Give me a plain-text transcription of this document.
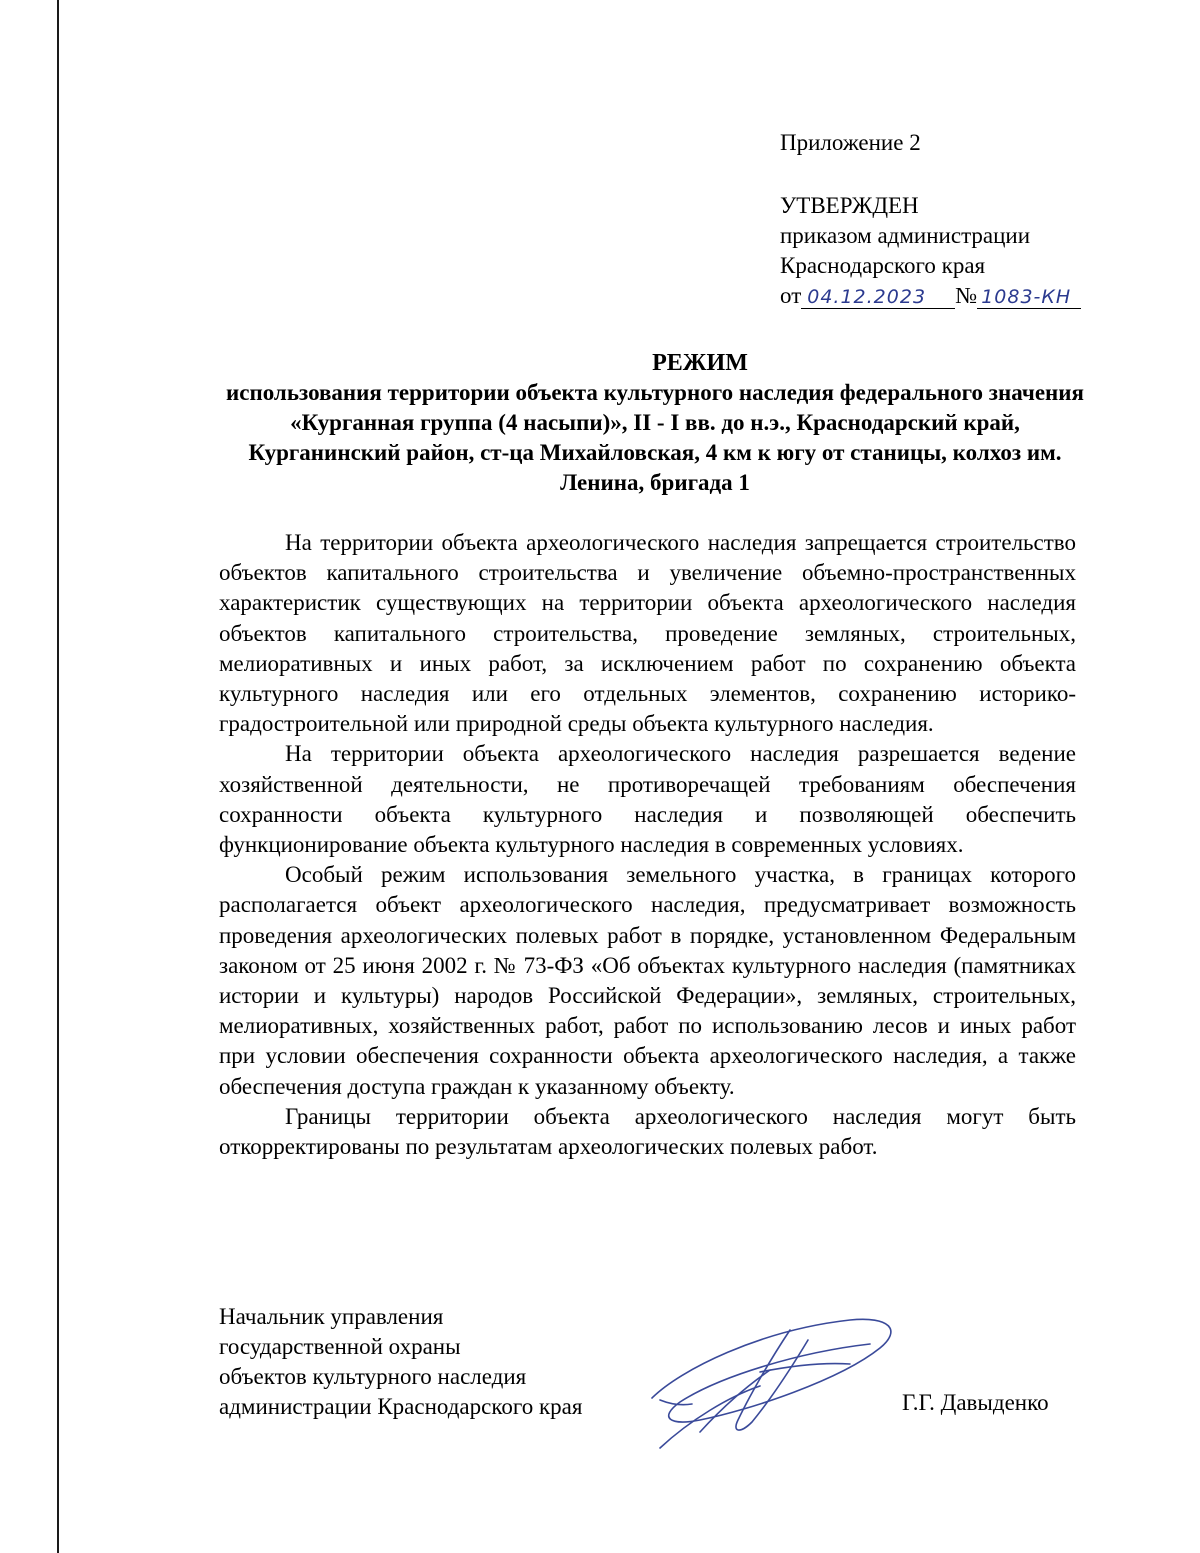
Приложение 2
УТВЕРЖДЕН
приказом администрации
Краснодарского края
от 04.12.2023 № 1083-КН
РЕЖИМ
использования территории объекта культурного наследия федерального значения «Курганная группа (4 насыпи)», II - I вв. до н.э., Краснодарский край, Курганинский район, ст-ца Михайловская, 4 км к югу от станицы, колхоз им. Ленина, бригада 1

На территории объекта археологического наследия запрещается строительство объектов капитального строительства и увеличение объемно-пространственных характеристик существующих на территории объекта археологического наследия объектов капитального строительства, проведение земляных, строительных, мелиоративных и иных работ, за исключением работ по сохранению объекта культурного наследия или его отдельных элементов, сохранению историко-градостроительной или природной среды объекта культурного наследия.

На территории объекта археологического наследия разрешается ведение хозяйственной деятельности, не противоречащей требованиям обеспечения сохранности объекта культурного наследия и позволяющей обеспечить функционирование объекта культурного наследия в современных условиях.

Особый режим использования земельного участка, в границах которого располагается объект археологического наследия, предусматривает возможность проведения археологических полевых работ в порядке, установленном Федеральным законом от 25 июня 2002 г. № 73-ФЗ «Об объектах культурного наследия (памятниках истории и культуры) народов Российской Федерации», земляных, строительных, мелиоративных, хозяйственных работ, работ по использованию лесов и иных работ при условии обеспечения сохранности объекта археологического наследия, а также обеспечения доступа граждан к указанному объекту.

Границы территории объекта археологического наследия могут быть откорректированы по результатам археологических полевых работ.

Начальник управления
государственной охраны
объектов культурного наследия
администрации Краснодарского края	Г.Г. Давыденко
